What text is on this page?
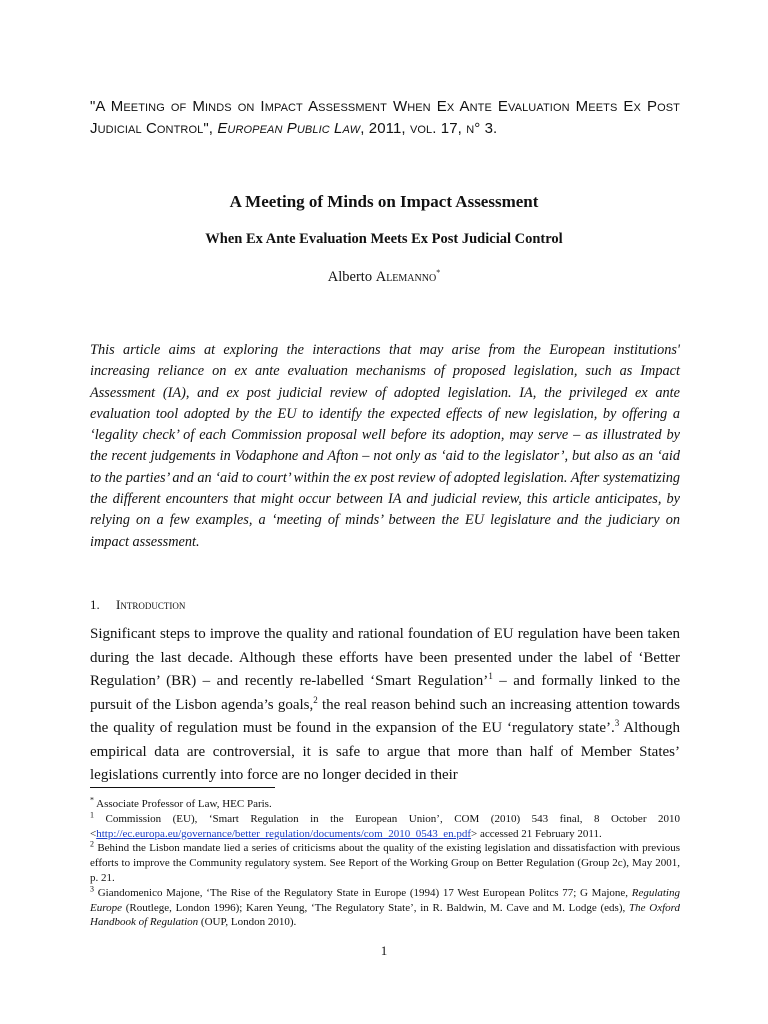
"A Meeting of Minds on Impact Assessment When Ex Ante Evaluation Meets Ex Post Judicial Control", European Public Law, 2011, vol. 17, n° 3.
A Meeting of Minds on Impact Assessment
When Ex Ante Evaluation Meets Ex Post Judicial Control
Alberto Alemanno*
This article aims at exploring the interactions that may arise from the European institutions' increasing reliance on ex ante evaluation mechanisms of proposed legislation, such as Impact Assessment (IA), and ex post judicial review of adopted legislation. IA, the privileged ex ante evaluation tool adopted by the EU to identify the expected effects of new legislation, by offering a ‘legality check’ of each Commission proposal well before its adoption, may serve – as illustrated by the recent judgements in Vodaphone and Afton – not only as ‘aid to the legislator’, but also as an ‘aid to the parties’ and an ‘aid to court’ within the ex post review of adopted legislation. After systematizing the different encounters that might occur between IA and judicial review, this article anticipates, by relying on a few examples, a ‘meeting of minds’ between the EU legislature and the judiciary on impact assessment.
1. Introduction
Significant steps to improve the quality and rational foundation of EU regulation have been taken during the last decade. Although these efforts have been presented under the label of ‘Better Regulation’ (BR) – and recently re-labelled ‘Smart Regulation’$^1$ – and formally linked to the pursuit of the Lisbon agenda’s goals,$^2$ the real reason behind such an increasing attention towards the quality of regulation must be found in the expansion of the EU ‘regulatory state’.$^3$ Although empirical data are controversial, it is safe to argue that more than half of Member States’ legislations currently into force are no longer decided in their

* Associate Professor of Law, HEC Paris.

$^1$ Commission (EU), ‘Smart Regulation in the European Union’, COM (2010) 543 final, 8 October 2010 <http://ec.europa.eu/governance/better_regulation/documents/com_2010_0543_en.pdf> accessed 21 February 2011.

$^2$ Behind the Lisbon mandate lied a series of criticisms about the quality of the existing legislation and dissatisfaction with previous efforts to improve the Community regulatory system. See Report of the Working Group on Better Regulation (Group 2c), May 2001, p. 21.

$^3$ Giandomenico Majone, ‘The Rise of the Regulatory State in Europe (1994) 17 West European Politcs 77; G Majone, Regulating Europe (Routlege, London 1996); Karen Yeung, ‘The Regulatory State’, in R. Baldwin, M. Cave and M. Lodge (eds), The Oxford Handbook of Regulation (OUP, London 2010).

1
